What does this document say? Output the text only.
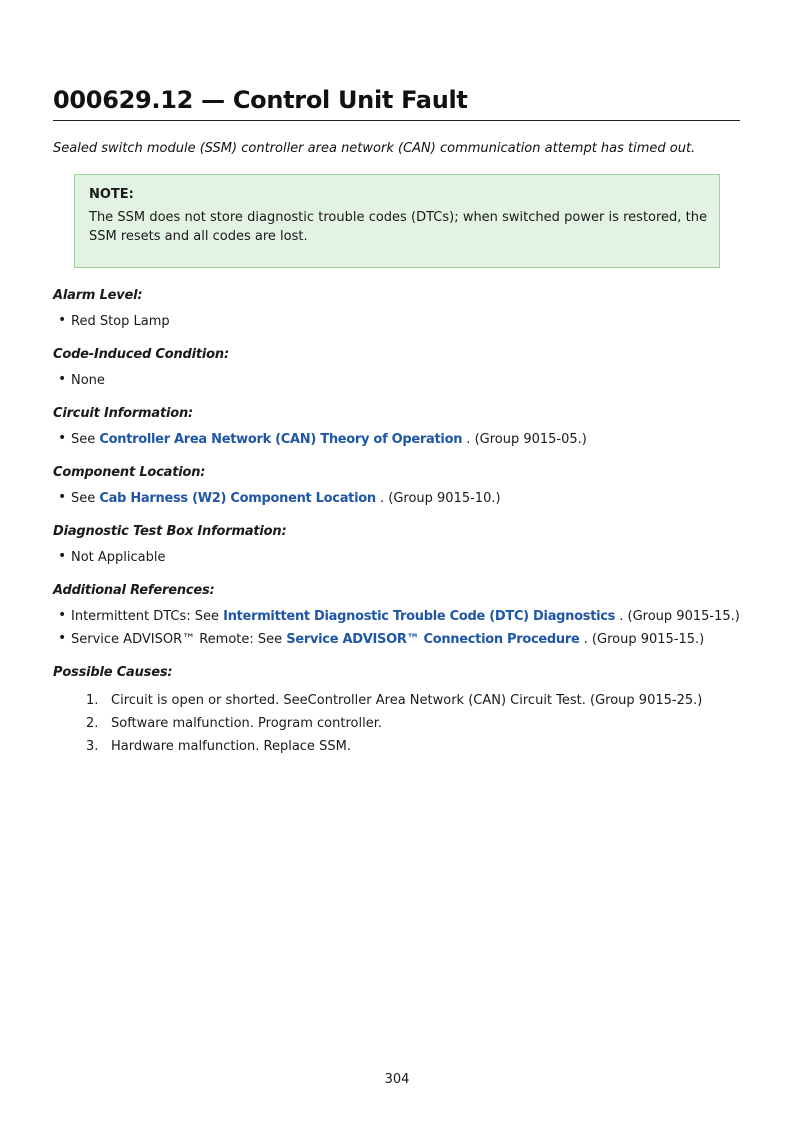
000629.12 — Control Unit Fault

Sealed switch module (SSM) controller area network (CAN) communication attempt has timed out.

NOTE:

The SSM does not store diagnostic trouble codes (DTCs); when switched power is restored, the SSM resets and all codes are lost.

Alarm Level:

• Red Stop Lamp

Code-Induced Condition:

• None

Circuit Information:

• See Controller Area Network (CAN) Theory of Operation . (Group 9015-05.)

Component Location:

• See Cab Harness (W2) Component Location . (Group 9015-10.)

Diagnostic Test Box Information:

• Not Applicable

Additional References:

• Intermittent DTCs: See Intermittent Diagnostic Trouble Code (DTC) Diagnostics . (Group 9015-15.)
• Service ADVISOR™ Remote: See Service ADVISOR™ Connection Procedure . (Group 9015-15.)

Possible Causes:

1. Circuit is open or shorted. SeeController Area Network (CAN) Circuit Test. (Group 9015-25.)
2. Software malfunction. Program controller.
3. Hardware malfunction. Replace SSM.
304
